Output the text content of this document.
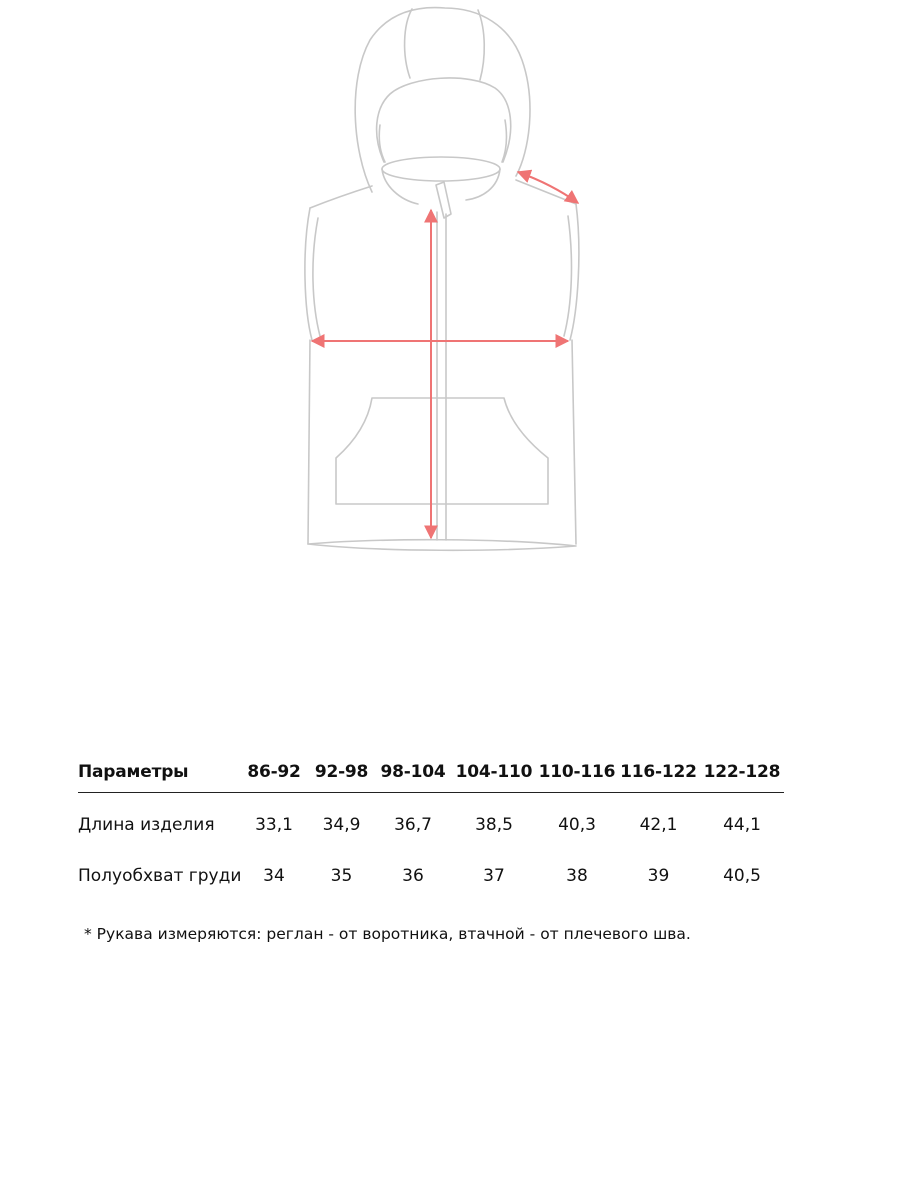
Параметры	86-92	92-98	98-104	104-110	110-116	116-122	122-128
Длина изделия	33,1	34,9	36,7	38,5	40,3	42,1	44,1
Полуобхват груди	34	35	36	37	38	39	40,5
* Рукава измеряются: реглан - от воротника, втачной - от плечевого шва.
